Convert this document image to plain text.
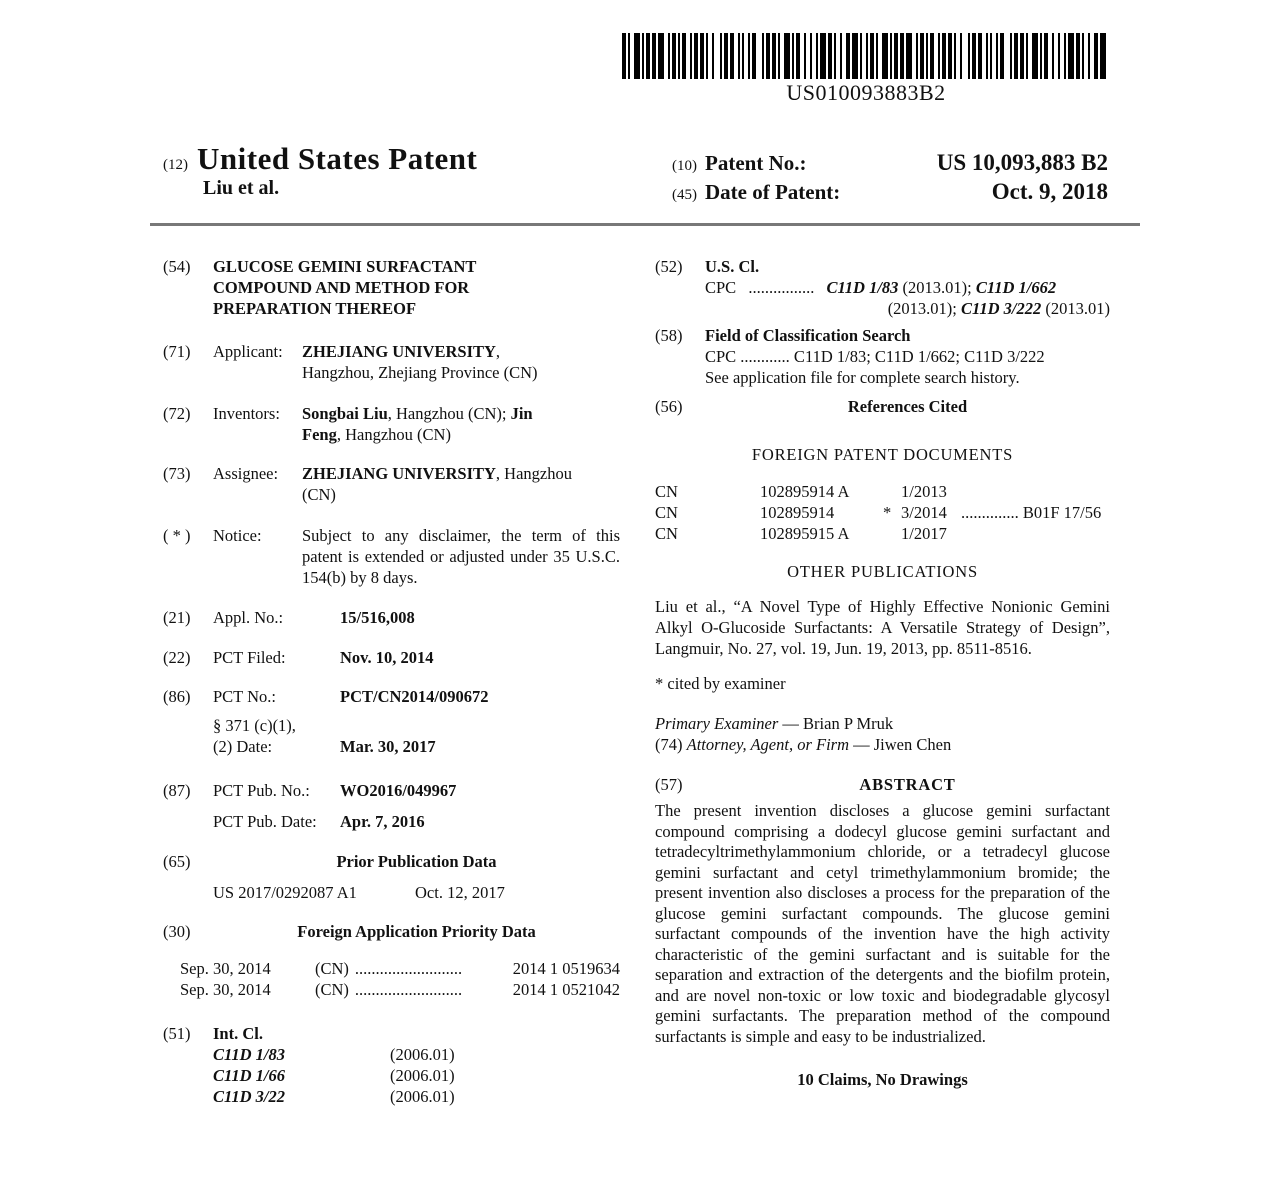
US010093883B2
(12) United States Patent
Liu et al.
(10) Patent No.:	US 10,093,883 B2
(45) Date of Patent:	Oct. 9, 2018
(54)	GLUCOSE GEMINI SURFACTANT COMPOUND AND METHOD FOR PREPARATION THEREOF
(71)	Applicant:	ZHEJIANG UNIVERSITY,
Hangzhou, Zhejiang Province (CN)
(72)	Inventors:	Songbai Liu, Hangzhou (CN); Jin
Feng, Hangzhou (CN)
(73)	Assignee:	ZHEJIANG UNIVERSITY, Hangzhou
(CN)
( * )	Notice:	Subject to any disclaimer, the term of this patent is extended or adjusted under 35 U.S.C. 154(b) by 8 days.
(21)	Appl. No.:	15/516,008
(22)	PCT Filed:	Nov. 10, 2014
(86)	PCT No.:	PCT/CN2014/090672
§ 371 (c)(1),
(2) Date:	Mar. 30, 2017
(87)	PCT Pub. No.:	WO2016/049967
PCT Pub. Date:	Apr. 7, 2016
(65)	Prior Publication Data
US 2017/0292087 A1	Oct. 12, 2017
(30)	Foreign Application Priority Data
Sep. 30, 2014	(CN) ..........................	2014 1 0519634
Sep. 30, 2014	(CN) ..........................	2014 1 0521042
(51)	Int. Cl.
C11D 1/83	(2006.01)
C11D 1/66	(2006.01)
C11D 3/22	(2006.01)
(52)	U.S. Cl.
CPC ................ C11D 1/83 (2013.01); C11D 1/662
(2013.01); C11D 3/222 (2013.01)
(58)	Field of Classification Search
CPC ............ C11D 1/83; C11D 1/662; C11D 3/222
See application file for complete search history.
(56)	References Cited
FOREIGN PATENT DOCUMENTS
CN	102895914 A	1/2013
CN	102895914	* 3/2014 .............. B01F 17/56
CN	102895915 A	1/2017
OTHER PUBLICATIONS
Liu et al., “A Novel Type of Highly Effective Nonionic Gemini Alkyl O-Glucoside Surfactants: A Versatile Strategy of Design”, Langmuir, No. 27, vol. 19, Jun. 19, 2013, pp. 8511-8516.
* cited by examiner
Primary Examiner — Brian P Mruk
(74) Attorney, Agent, or Firm — Jiwen Chen
(57)	ABSTRACT
The present invention discloses a glucose gemini surfactant compound comprising a dodecyl glucose gemini surfactant and tetradecyltrimethylammonium chloride, or a tetradecyl glucose gemini surfactant and cetyl trimethylammonium bromide; the present invention also discloses a process for the preparation of the glucose gemini surfactant compounds. The glucose gemini surfactant compounds of the invention have the high activity characteristic of the gemini surfactant and is suitable for the separation and extraction of the detergents and the biofilm protein, and are novel non-toxic or low toxic and biodegradable glycosyl gemini surfactants. The preparation method of the compound surfactants is simple and easy to be industrialized.
10 Claims, No Drawings
